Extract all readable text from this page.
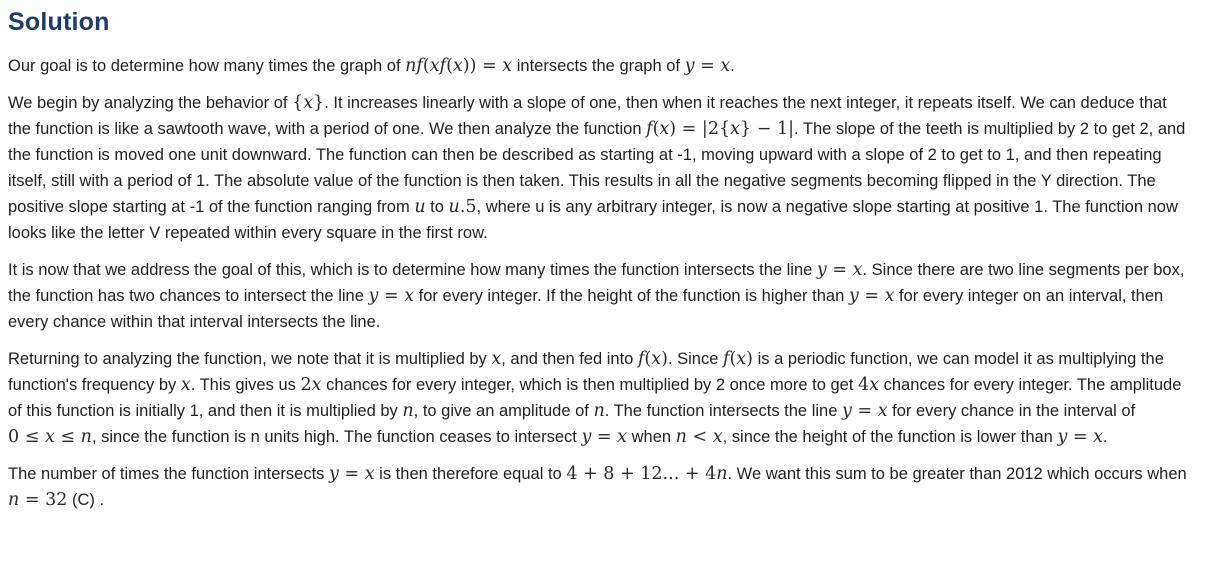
Solution

Our goal is to determine how many times the graph of nf(xf(x)) = x intersects the graph of y = x.

We begin by analyzing the behavior of {x}. It increases linearly with a slope of one, then when it reaches the next integer, it repeats itself. We can deduce that the function is like a sawtooth wave, with a period of one. We then analyze the function f(x) = |2{x} − 1|. The slope of the teeth is multiplied by 2 to get 2, and the function is moved one unit downward. The function can then be described as starting at -1, moving upward with a slope of 2 to get to 1, and then repeating itself, still with a period of 1. The absolute value of the function is then taken. This results in all the negative segments becoming flipped in the Y direction. The positive slope starting at -1 of the function ranging from u to u.5, where u is any arbitrary integer, is now a negative slope starting at positive 1. The function now looks like the letter V repeated within every square in the first row.

It is now that we address the goal of this, which is to determine how many times the function intersects the line y = x. Since there are two line segments per box, the function has two chances to intersect the line y = x for every integer. If the height of the function is higher than y = x for every integer on an interval, then every chance within that interval intersects the line.

Returning to analyzing the function, we note that it is multiplied by x, and then fed into f(x). Since f(x) is a periodic function, we can model it as multiplying the function's frequency by x. This gives us 2x chances for every integer, which is then multiplied by 2 once more to get 4x chances for every integer. The amplitude of this function is initially 1, and then it is multiplied by n, to give an amplitude of n. The function intersects the line y = x for every chance in the interval of 0 ≤ x ≤ n, since the function is n units high. The function ceases to intersect y = x when n < x, since the height of the function is lower than y = x.

The number of times the function intersects y = x is then therefore equal to 4 + 8 + 12... + 4n. We want this sum to be greater than 2012 which occurs when n = 32 (C) .
